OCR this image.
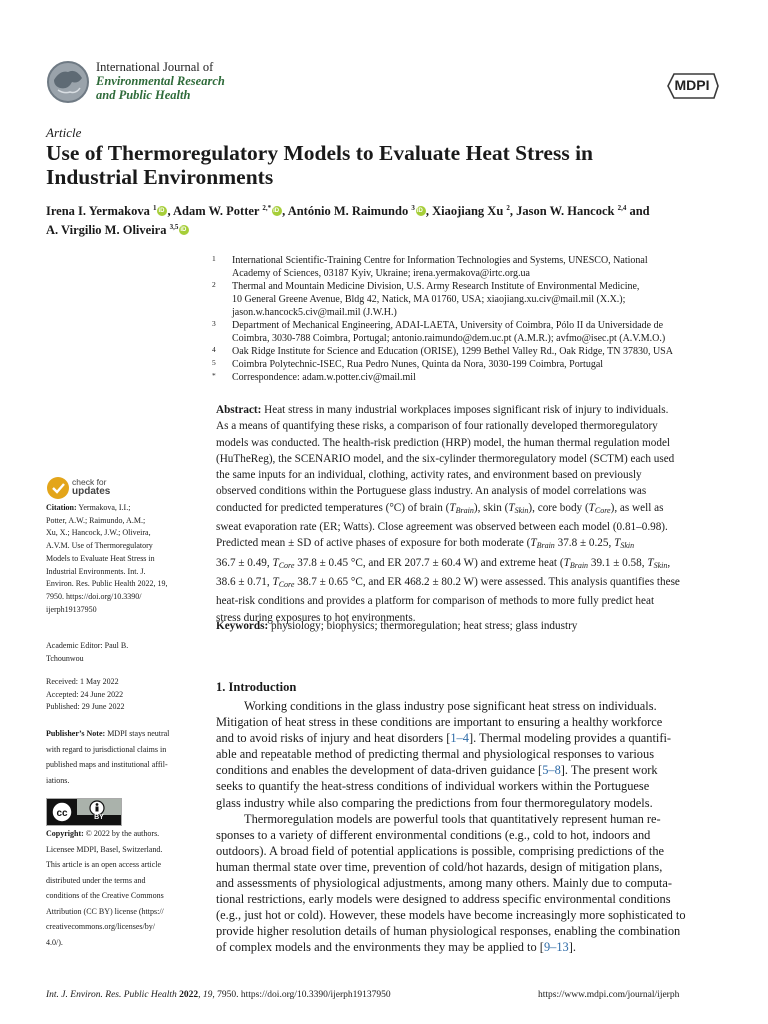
International Journal of
Environmental Research
and Public Health
MDPI
Article
Use of Thermoregulatory Models to Evaluate Heat Stress in
Industrial Environments
Irena I. Yermakova $^1$ iD , Adam W. Potter $^{2,*}$ iD , António M. Raimundo $^3$ iD , Xiaojiang Xu $^2$, Jason W. Hancock $^{2,4}$ and
A. Virgilio M. Oliveira $^{3,5}$iD
1 International Scientific-Training Centre for Information Technologies and Systems, UNESCO, National
Academy of Sciences, 03187 Kyiv, Ukraine; irena.yermakova@irtc.org.ua
2 Thermal and Mountain Medicine Division, U.S. Army Research Institute of Environmental Medicine,
10 General Greene Avenue, Bldg 42, Natick, MA 01760, USA; xiaojiang.xu.civ@mail.mil (X.X.);
jason.w.hancock5.civ@mail.mil (J.W.H.)
3 Department of Mechanical Engineering, ADAI-LAETA, University of Coimbra, Pólo II da Universidade de
Coimbra, 3030-788 Coimbra, Portugal; antonio.raimundo@dem.uc.pt (A.M.R.); avfmo@isec.pt (A.V.M.O.)
4 Oak Ridge Institute for Science and Education (ORISE), 1299 Bethel Valley Rd., Oak Ridge, TN 37830, USA
5 Coimbra Polytechnic-ISEC, Rua Pedro Nunes, Quinta da Nora, 3030-199 Coimbra, Portugal
* Correspondence: adam.w.potter.civ@mail.mil
Abstract: Heat stress in many industrial workplaces imposes significant risk of injury to individuals.
As a means of quantifying these risks, a comparison of four rationally developed thermoregulatory
models was conducted. The health-risk prediction (HRP) model, the human thermal regulation model
(HuTheReg), the SCENARIO model, and the six-cylinder thermoregulatory model (SCTM) each used
the same inputs for an individual, clothing, activity rates, and environment based on previously
observed conditions within the Portuguese glass industry. An analysis of model correlations was
conducted for predicted temperatures (°C) of brain $(T_{Brain})$, skin $(T_{Skin})$, core body $(T_{Core})$, as well as
sweat evaporation rate (ER; Watts). Close agreement was observed between each model (0.81–0.98).
Predicted mean ± SD of active phases of exposure for both moderate ($T_{Brain}$ 37.8 ± 0.25, $T_{Skin}$
36.7 ± 0.49, $T_{Core}$ 37.8 ± 0.45 °C, and ER 207.7 ± 60.4 W) and extreme heat ($T_{Brain}$ 39.1 ± 0.58, $T_{Skin}$,
38.6 ± 0.71, $T_{Core}$ 38.7 ± 0.65 °C, and ER 468.2 ± 80.2 W) were assessed. This analysis quantifies these
heat-risk conditions and provides a platform for comparison of methods to more fully predict heat
stress during exposures to hot environments.
Keywords: physiology; biophysics; thermoregulation; heat stress; glass industry
check for
updates
Citation: Yermakova, I.I.;
Potter, A.W.; Raimundo, A.M.;
Xu, X.; Hancock, J.W.; Oliveira,
A.V.M. Use of Thermoregulatory
Models to Evaluate Heat Stress in
Industrial Environments. Int. J.
Environ. Res. Public Health 2022, 19,
7950. https://doi.org/10.3390/
ijerph19137950
Academic Editor: Paul B.
Tchounwou
Received: 1 May 2022
Accepted: 24 June 2022
Published: 29 June 2022
Publisher’s Note: MDPI stays neutral
with regard to jurisdictional claims in
published maps and institutional affil-
iations.
cc	BY
Copyright: © 2022 by the authors.
Licensee MDPI, Basel, Switzerland.
This article is an open access article
distributed under the terms and
conditions of the Creative Commons
Attribution (CC BY) license (https://
creativecommons.org/licenses/by/
4.0/).
1. Introduction
Working conditions in the glass industry pose significant heat stress on individuals.
Mitigation of heat stress in these conditions are important to ensuring a healthy workforce
and to avoid risks of injury and heat disorders [1–4]. Thermal modeling provides a quantifi-
able and repeatable method of predicting thermal and physiological responses to various
conditions and enables the development of data-driven guidance [5–8]. The present work
seeks to quantify the heat-stress conditions of individual workers within the Portuguese
glass industry while also comparing the predictions from four thermoregulatory models.
Thermoregulation models are powerful tools that quantitatively represent human re-
sponses to a variety of different environmental conditions (e.g., cold to hot, indoors and
outdoors). A broad field of potential applications is possible, comprising predictions of the
human thermal state over time, prevention of cold/hot hazards, design of mitigation plans,
and assessments of physiological adjustments, among many others. Mainly due to computa-
tional restrictions, early models were designed to address specific environmental conditions
(e.g., just hot or cold). However, these models have become increasingly more sophisticated to
provide higher resolution details of human physiological responses, enabling the combination
of complex models and the environments they may be applied to [9–13].
Int. J. Environ. Res. Public Health 2022, 19, 7950. https://doi.org/10.3390/ijerph19137950	https://www.mdpi.com/journal/ijerph
